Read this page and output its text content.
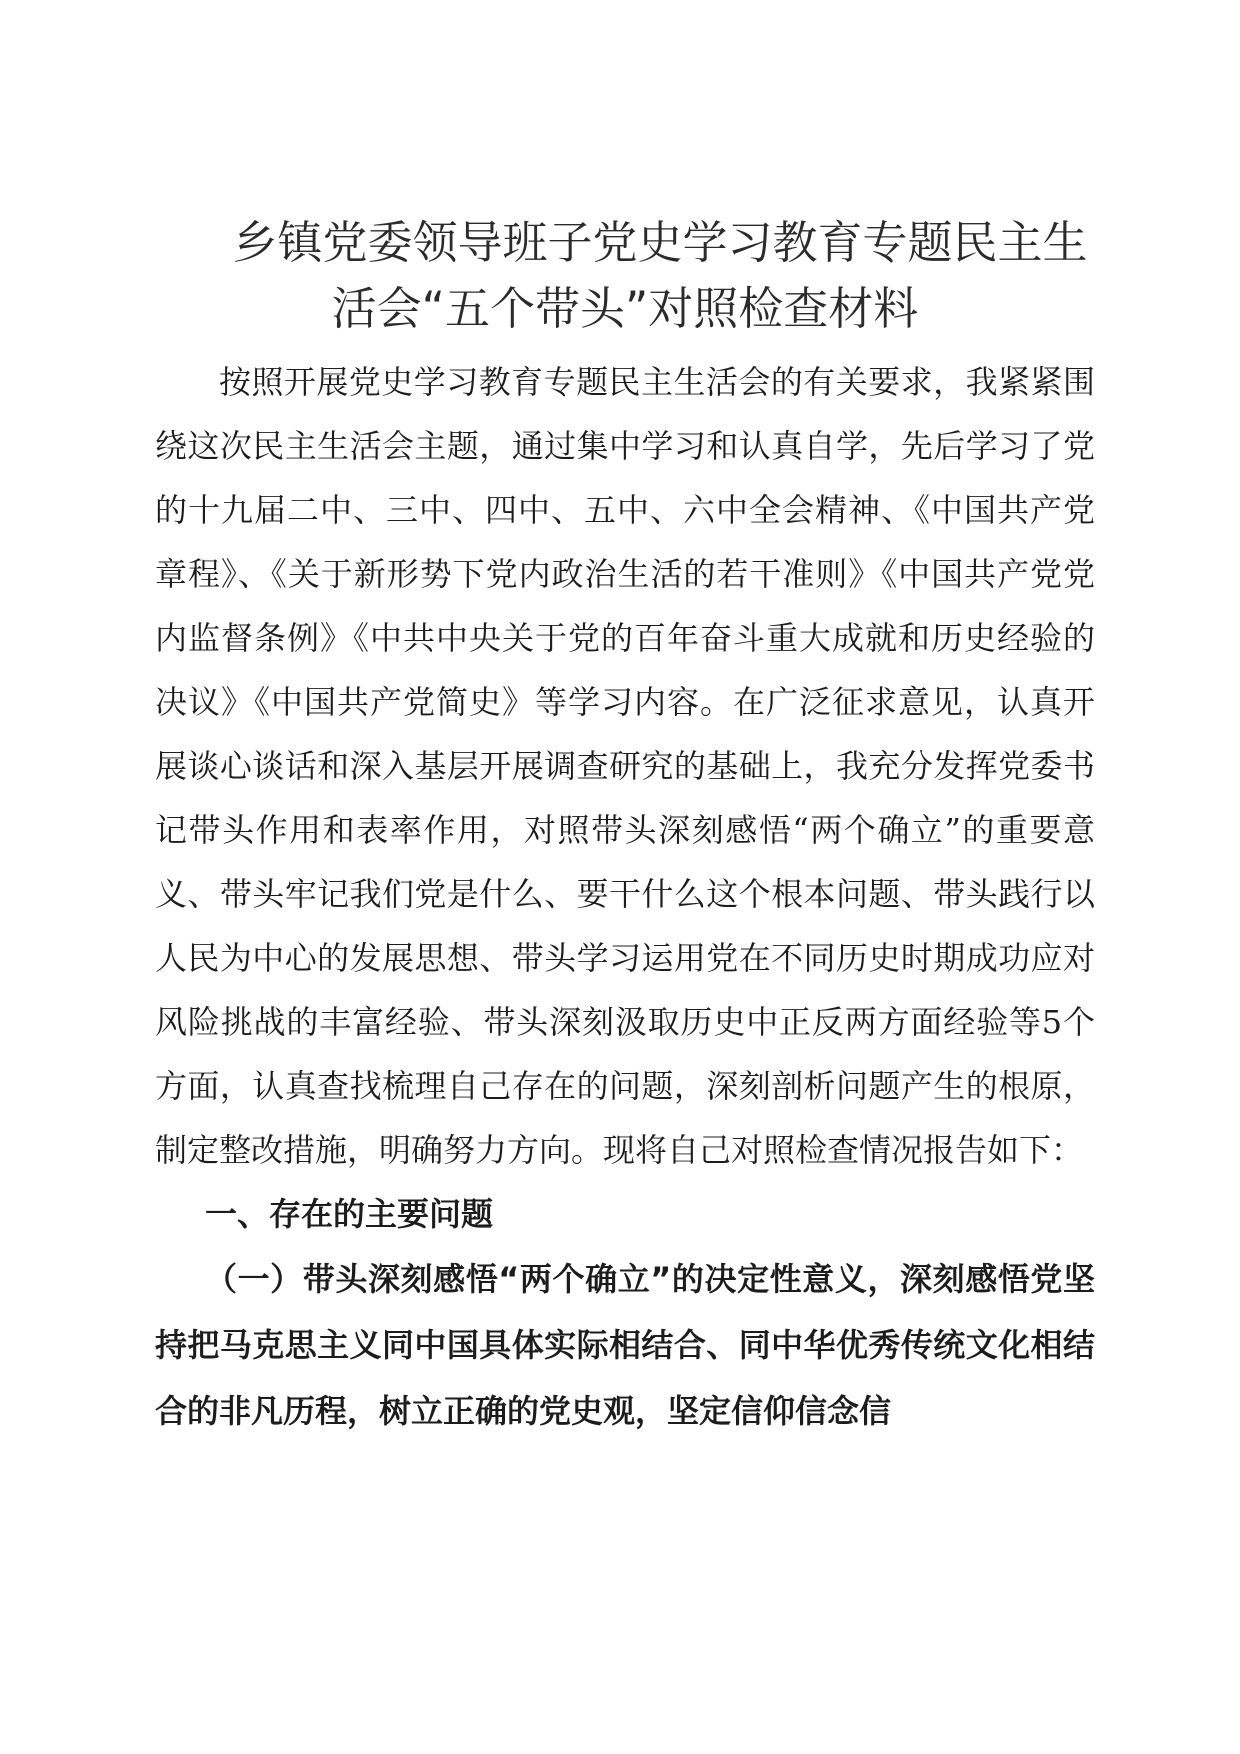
乡镇党委领导班子党史学习教育专题民主生
活会“五个带头”对照检查材料

按照开展党史学习教育专题民主生活会的有关要求，我紧紧围绕这次民主生活会主题，通过集中学习和认真自学，先后学习了党的十九届二中、三中、四中、五中、六中全会精神、《中国共产党章程》、《关于新形势下党内政治生活的若干准则》《中国共产党党内监督条例》《中共中央关于党的百年奋斗重大成就和历史经验的决议》《中国共产党简史》等学习内容。在广泛征求意见，认真开展谈心谈话和深入基层开展调查研究的基础上，我充分发挥党委书记带头作用和表率作用，对照带头深刻感悟“两个确立”的重要意义、带头牢记我们党是什么、要干什么这个根本问题、带头践行以人民为中心的发展思想、带头学习运用党在不同历史时期成功应对风险挑战的丰富经验、带头深刻汲取历史中正反两方面经验等5个方面，认真查找梳理自己存在的问题，深刻剖析问题产生的根原，制定整改措施，明确努力方向。现将自己对照检查情况报告如下：

一、存在的主要问题

（一）带头深刻感悟“两个确立”的决定性意义，深刻感悟党坚持把马克思主义同中国具体实际相结合、同中华优秀传统文化相结合的非凡历程，树立正确的党史观，坚定信仰信念信
